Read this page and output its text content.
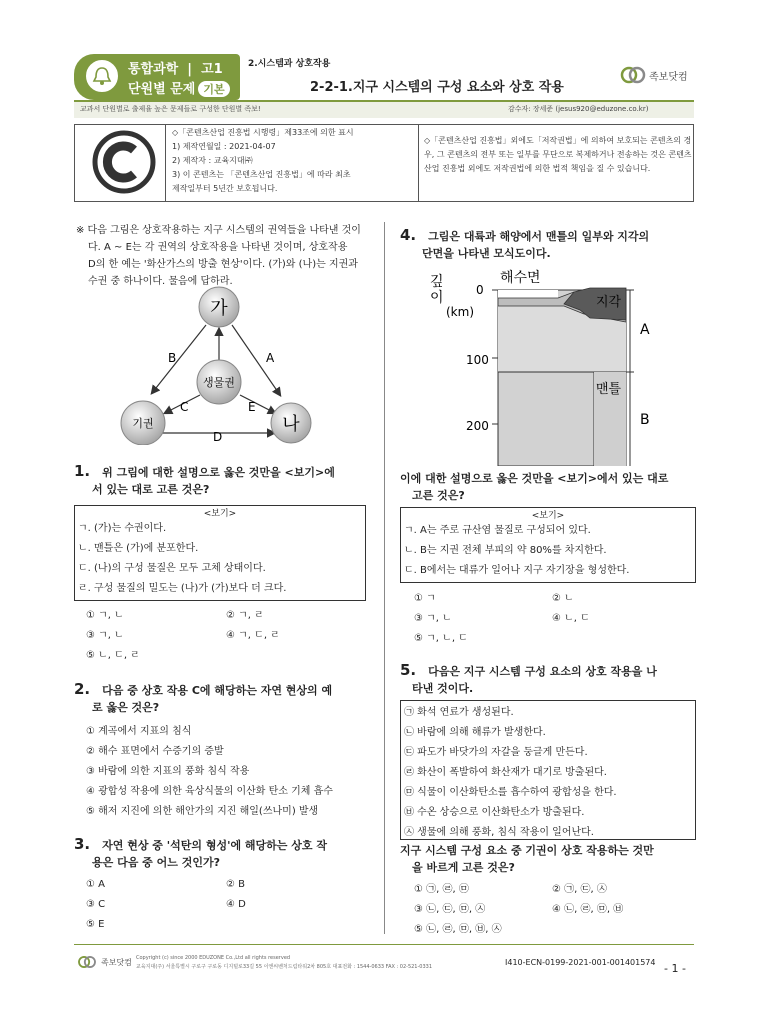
통합과학  |  고1
단원별 문제 기본
2.시스템과 상호작용
2-2-1.지구 시스템의 구성 요소와 상호 작용
족보닷컴
교과서 단원별로 출제율 높은 문제들로 구성한 단원별 족보!	감수자: 장세준 (jesus920@eduzone.co.kr)
◇「콘텐츠산업 진흥법 시행령」제33조에 의한 표시
1) 제작연월일 : 2021-04-07
2) 제작자 : 교육지대㈜
3) 이 콘텐츠는 「콘텐츠산업 진흥법」에 따라 최초
제작일부터 5년간 보호됩니다.
◇「콘텐츠산업 진흥법」외에도「저작권법」에 의하여 보호되는 콘텐츠의 경우, 그 콘텐츠의 전부 또는 일부를 무단으로 복제하거나 전송하는 것은 콘텐츠산업 진흥법 외에도 저작권법에 의한 법적 책임을 질 수 있습니다.
※ 다음 그림은 상호작용하는 지구 시스템의 권역들을 나타낸 것이
다. A ~ E는 각 권역의 상호작용을 나타낸 것이며, 상호작용
D의 한 예는 '화산가스의 방출 현상'이다. (가)와 (나)는 지권과
수권 중 하나이다. 물음에 답하라.
가
생물권
기권	나
A
B
C	E
D
1. 위 그림에 대한 설명으로 옳은 것만을 <보기>에
서 있는 대로 고른 것은?
<보기>
ㄱ. (가)는 수권이다.
ㄴ. 맨틀은 (가)에 분포한다.
ㄷ. (나)의 구성 물질은 모두 고체 상태이다.
ㄹ. 구성 물질의 밀도는 (나)가 (가)보다 더 크다.
① ㄱ, ㄴ	② ㄱ, ㄹ
③ ㄱ, ㄴ	④ ㄱ, ㄷ, ㄹ
⑤ ㄴ, ㄷ, ㄹ
2. 다음 중 상호 작용 C에 해당하는 자연 현상의 예
로 옳은 것은?
① 계곡에서 지표의 침식
② 해수 표면에서 수증기의 증발
③ 바람에 의한 지표의 풍화 침식 작용
④ 광합성 작용에 의한 육상식물의 이산화 탄소 기체 흡수
⑤ 해저 지진에 의한 해안가의 지진 해일(쓰나미) 발생
3. 자연 현상 중 '석탄의 형성'에 해당하는 상호 작
용은 다음 중 어느 것인가?
① A	② B
③ C	④ D
⑤ E
4. 그림은 대륙과 해양에서 맨틀의 일부와 지각의
단면을 나타낸 모식도이다.
깊
이
(km)
해수면
0
100
200
지각
맨틀
A
B
이에 대한 설명으로 옳은 것만을 <보기>에서 있는 대로
고른 것은?
<보기>
ㄱ. A는 주로 규산염 물질로 구성되어 있다.
ㄴ. B는 지권 전체 부피의 약 80%를 차지한다.
ㄷ. B에서는 대류가 일어나 지구 자기장을 형성한다.
① ㄱ	② ㄴ
③ ㄱ, ㄴ	④ ㄴ, ㄷ
⑤ ㄱ, ㄴ, ㄷ
5. 다음은 지구 시스템 구성 요소의 상호 작용을 나
타낸 것이다.
㉠ 화석 연료가 생성된다.
㉡ 바람에 의해 해류가 발생한다.
㉢ 파도가 바닷가의 자갈을 둥글게 만든다.
㉣ 화산이 폭발하여 화산재가 대기로 방출된다.
㉤ 식물이 이산화탄소를 흡수하여 광합성을 한다.
㉥ 수온 상승으로 이산화탄소가 방출된다.
㉦ 생물에 의해 풍화, 침식 작용이 일어난다.
지구 시스템 구성 요소 중 기권이 상호 작용하는 것만
을 바르게 고른 것은?
① ㉠, ㉣, ㉤	② ㉠, ㉢, ㉦
③ ㉡, ㉢, ㉤, ㉦	④ ㉡, ㉣, ㉤, ㉥
⑤ ㉡, ㉣, ㉤, ㉥, ㉦
족보닷컴 Copyright (c) since 2000 EDUZONE Co.,Ltd all rights reserved
교육지대(주) 서울특별시 구로구 구로동 디지털로33길 55 이앤씨벤처드림타워2차 805호 대표전화 : 1544-0633 FAX : 02-521-0331	I410-ECN-0199-2021-001-001401574 - 1 -
